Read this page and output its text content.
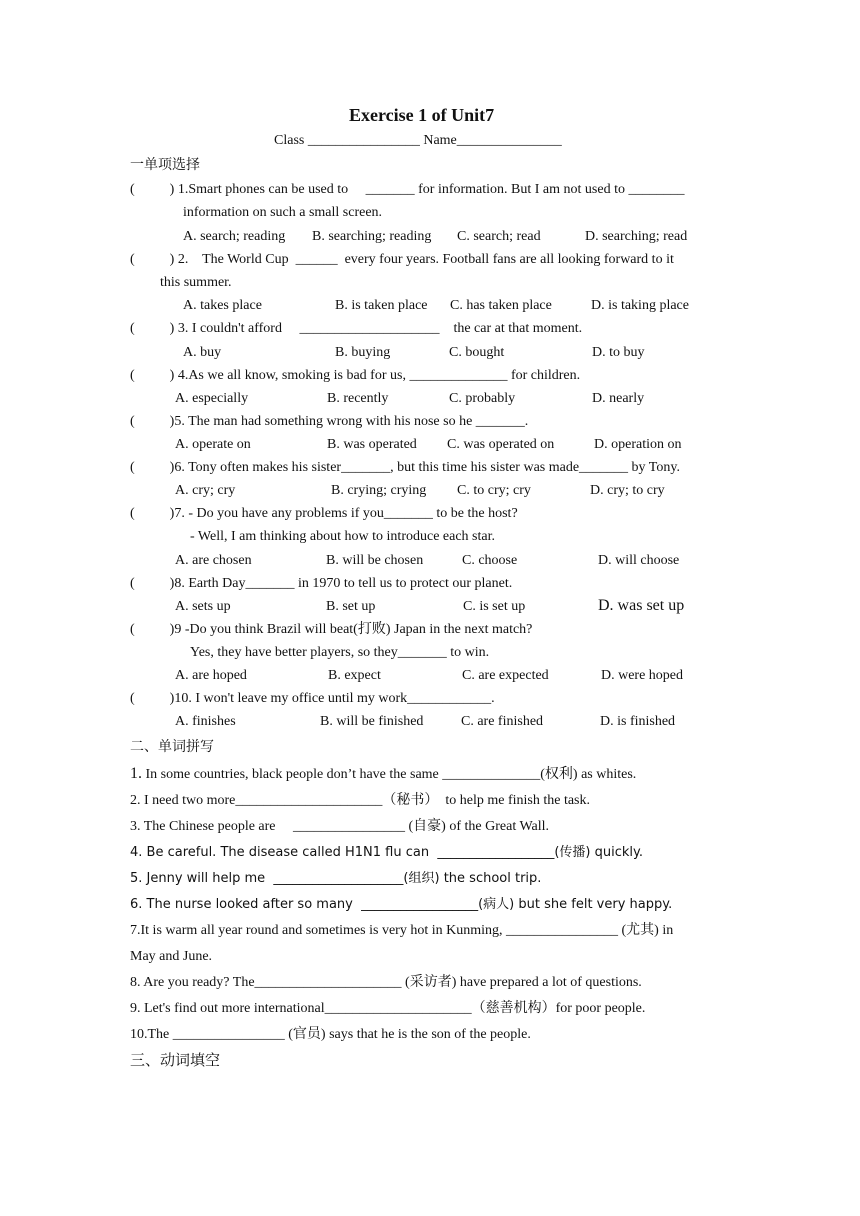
Exercise 1 of Unit7
Class ________________ Name_______________
一单项选择
(          ) 1.Smart phones can be used to     _______ for information. But I am not used to ________
information on such a small screen.
A. search; reading B. searching; reading C. search; read	D. searching; read
(          ) 2.    The World Cup  ______  every four years. Football fans are all looking forward to it
this summer.
A. takes place	B. is taken place C. has taken place	D. is taking place
(          ) 3. I couldn't afford     ____________________    the car at that moment.
A. buy	B. buying	C. bought	D. to buy
(          ) 4.As we all know, smoking is bad for us, ______________ for children.
A. especially	B. recently	C. probably	D. nearly
(          )5. The man had something wrong with his nose so he _______.
A. operate on	B. was operated C. was operated on	D. operation on
(          )6. Tony often makes his sister_______, but this time his sister was made_______ by Tony.
A. cry; cry	B. crying; crying C. to cry; cry	D. cry; to cry
(          )7. - Do you have any problems if you_______ to be the host?
- Well, I am thinking about how to introduce each star.
A. are chosen	B. will be chosen	C. choose	D. will choose
(          )8. Earth Day_______ in 1970 to tell us to protect our planet.
A. sets up	B. set up	C. is set up	D. was set up
(          )9 -Do you think Brazil will beat(打败) Japan in the next match?
Yes, they have better players, so they_______ to win.
A. are hoped	B. expect	C. are expected	D. were hoped
(          )10. I won't leave my office until my work____________.
A. finishes	B. will be finished	C. are finished	D. is finished
二、单词拼写
1. In some countries, black people don’t have the same ______________(权利) as whites.
2. I need two more_____________________（秘书）  to help me finish the task.
3. The Chinese people are     ________________ (自豪) of the Great Wall.
4. Be careful. The disease called H1N1 flu can  __________________(传播) quickly.
5. Jenny will help me  ____________________(组织) the school trip.
6. The nurse looked after so many  __________________(病人) but she felt very happy.
7.It is warm all year round and sometimes is very hot in Kunming, ________________ (尤其) in
May and June.
8. Are you ready? The_____________________ (采访者) have prepared a lot of questions.
9. Let's find out more international_____________________（慈善机构）for poor people.
10.The ________________ (官员) says that he is the son of the people.
三、动词填空
